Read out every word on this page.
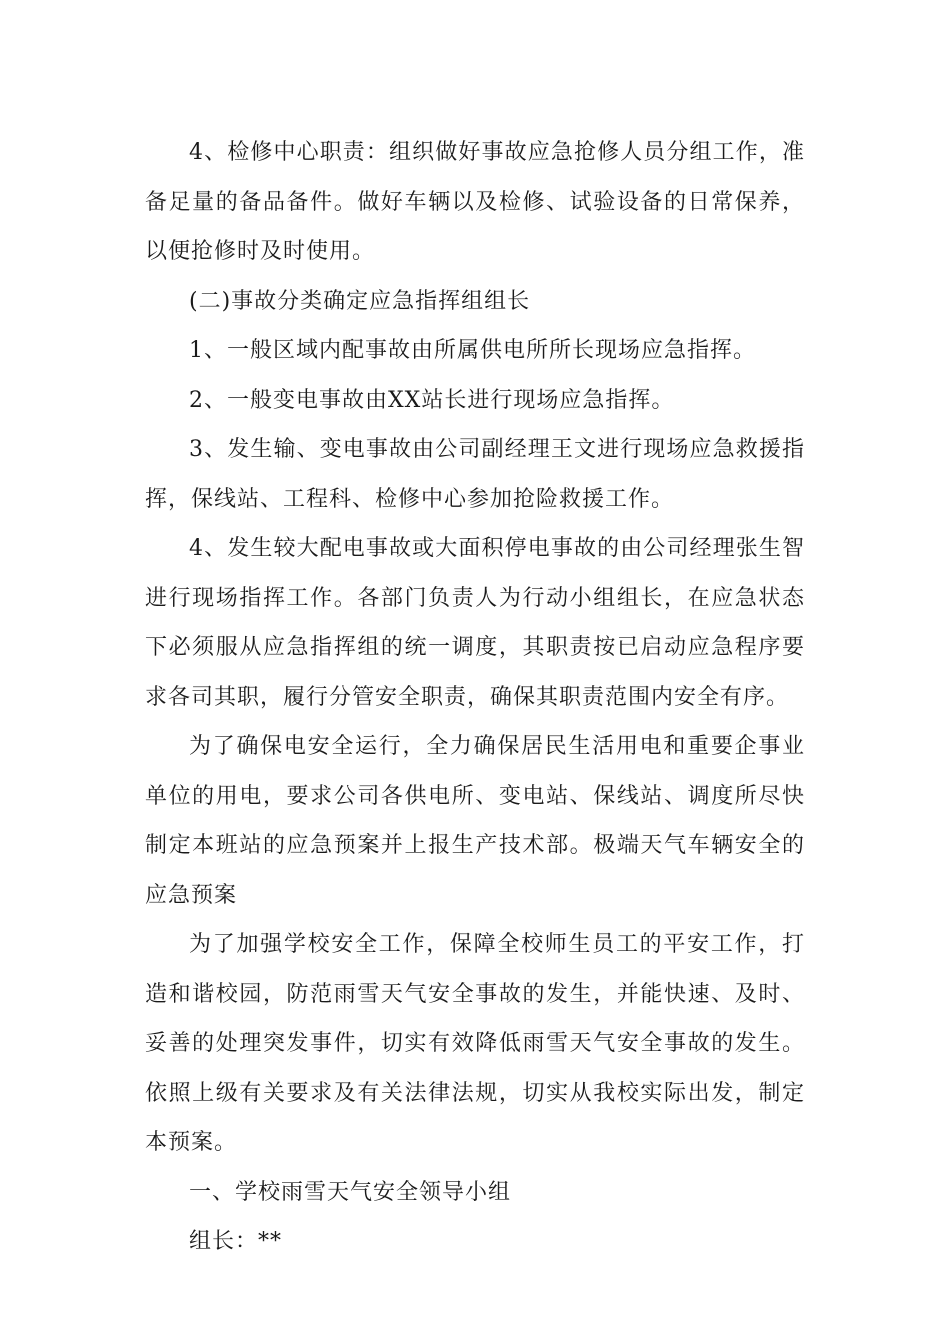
4、检修中心职责：组织做好事故应急抢修人员分组工作，准备足量的备品备件。做好车辆以及检修、试验设备的日常保养，以便抢修时及时使用。

(二)事故分类确定应急指挥组组长

1、一般区域内配事故由所属供电所所长现场应急指挥。

2、一般变电事故由XX站长进行现场应急指挥。

3、发生输、变电事故由公司副经理王文进行现场应急救援指挥，保线站、工程科、检修中心参加抢险救援工作。

4、发生较大配电事故或大面积停电事故的由公司经理张生智进行现场指挥工作。各部门负责人为行动小组组长，在应急状态下必须服从应急指挥组的统一调度，其职责按已启动应急程序要求各司其职，履行分管安全职责，确保其职责范围内安全有序。

为了确保电安全运行，全力确保居民生活用电和重要企事业单位的用电，要求公司各供电所、变电站、保线站、调度所尽快制定本班站的应急预案并上报生产技术部。极端天气车辆安全的应急预案

为了加强学校安全工作，保障全校师生员工的平安工作，打造和谐校园，防范雨雪天气安全事故的发生，并能快速、及时、妥善的处理突发事件，切实有效降低雨雪天气安全事故的发生。依照上级有关要求及有关法律法规，切实从我校实际出发，制定本预案。

一、学校雨雪天气安全领导小组

组长：**
